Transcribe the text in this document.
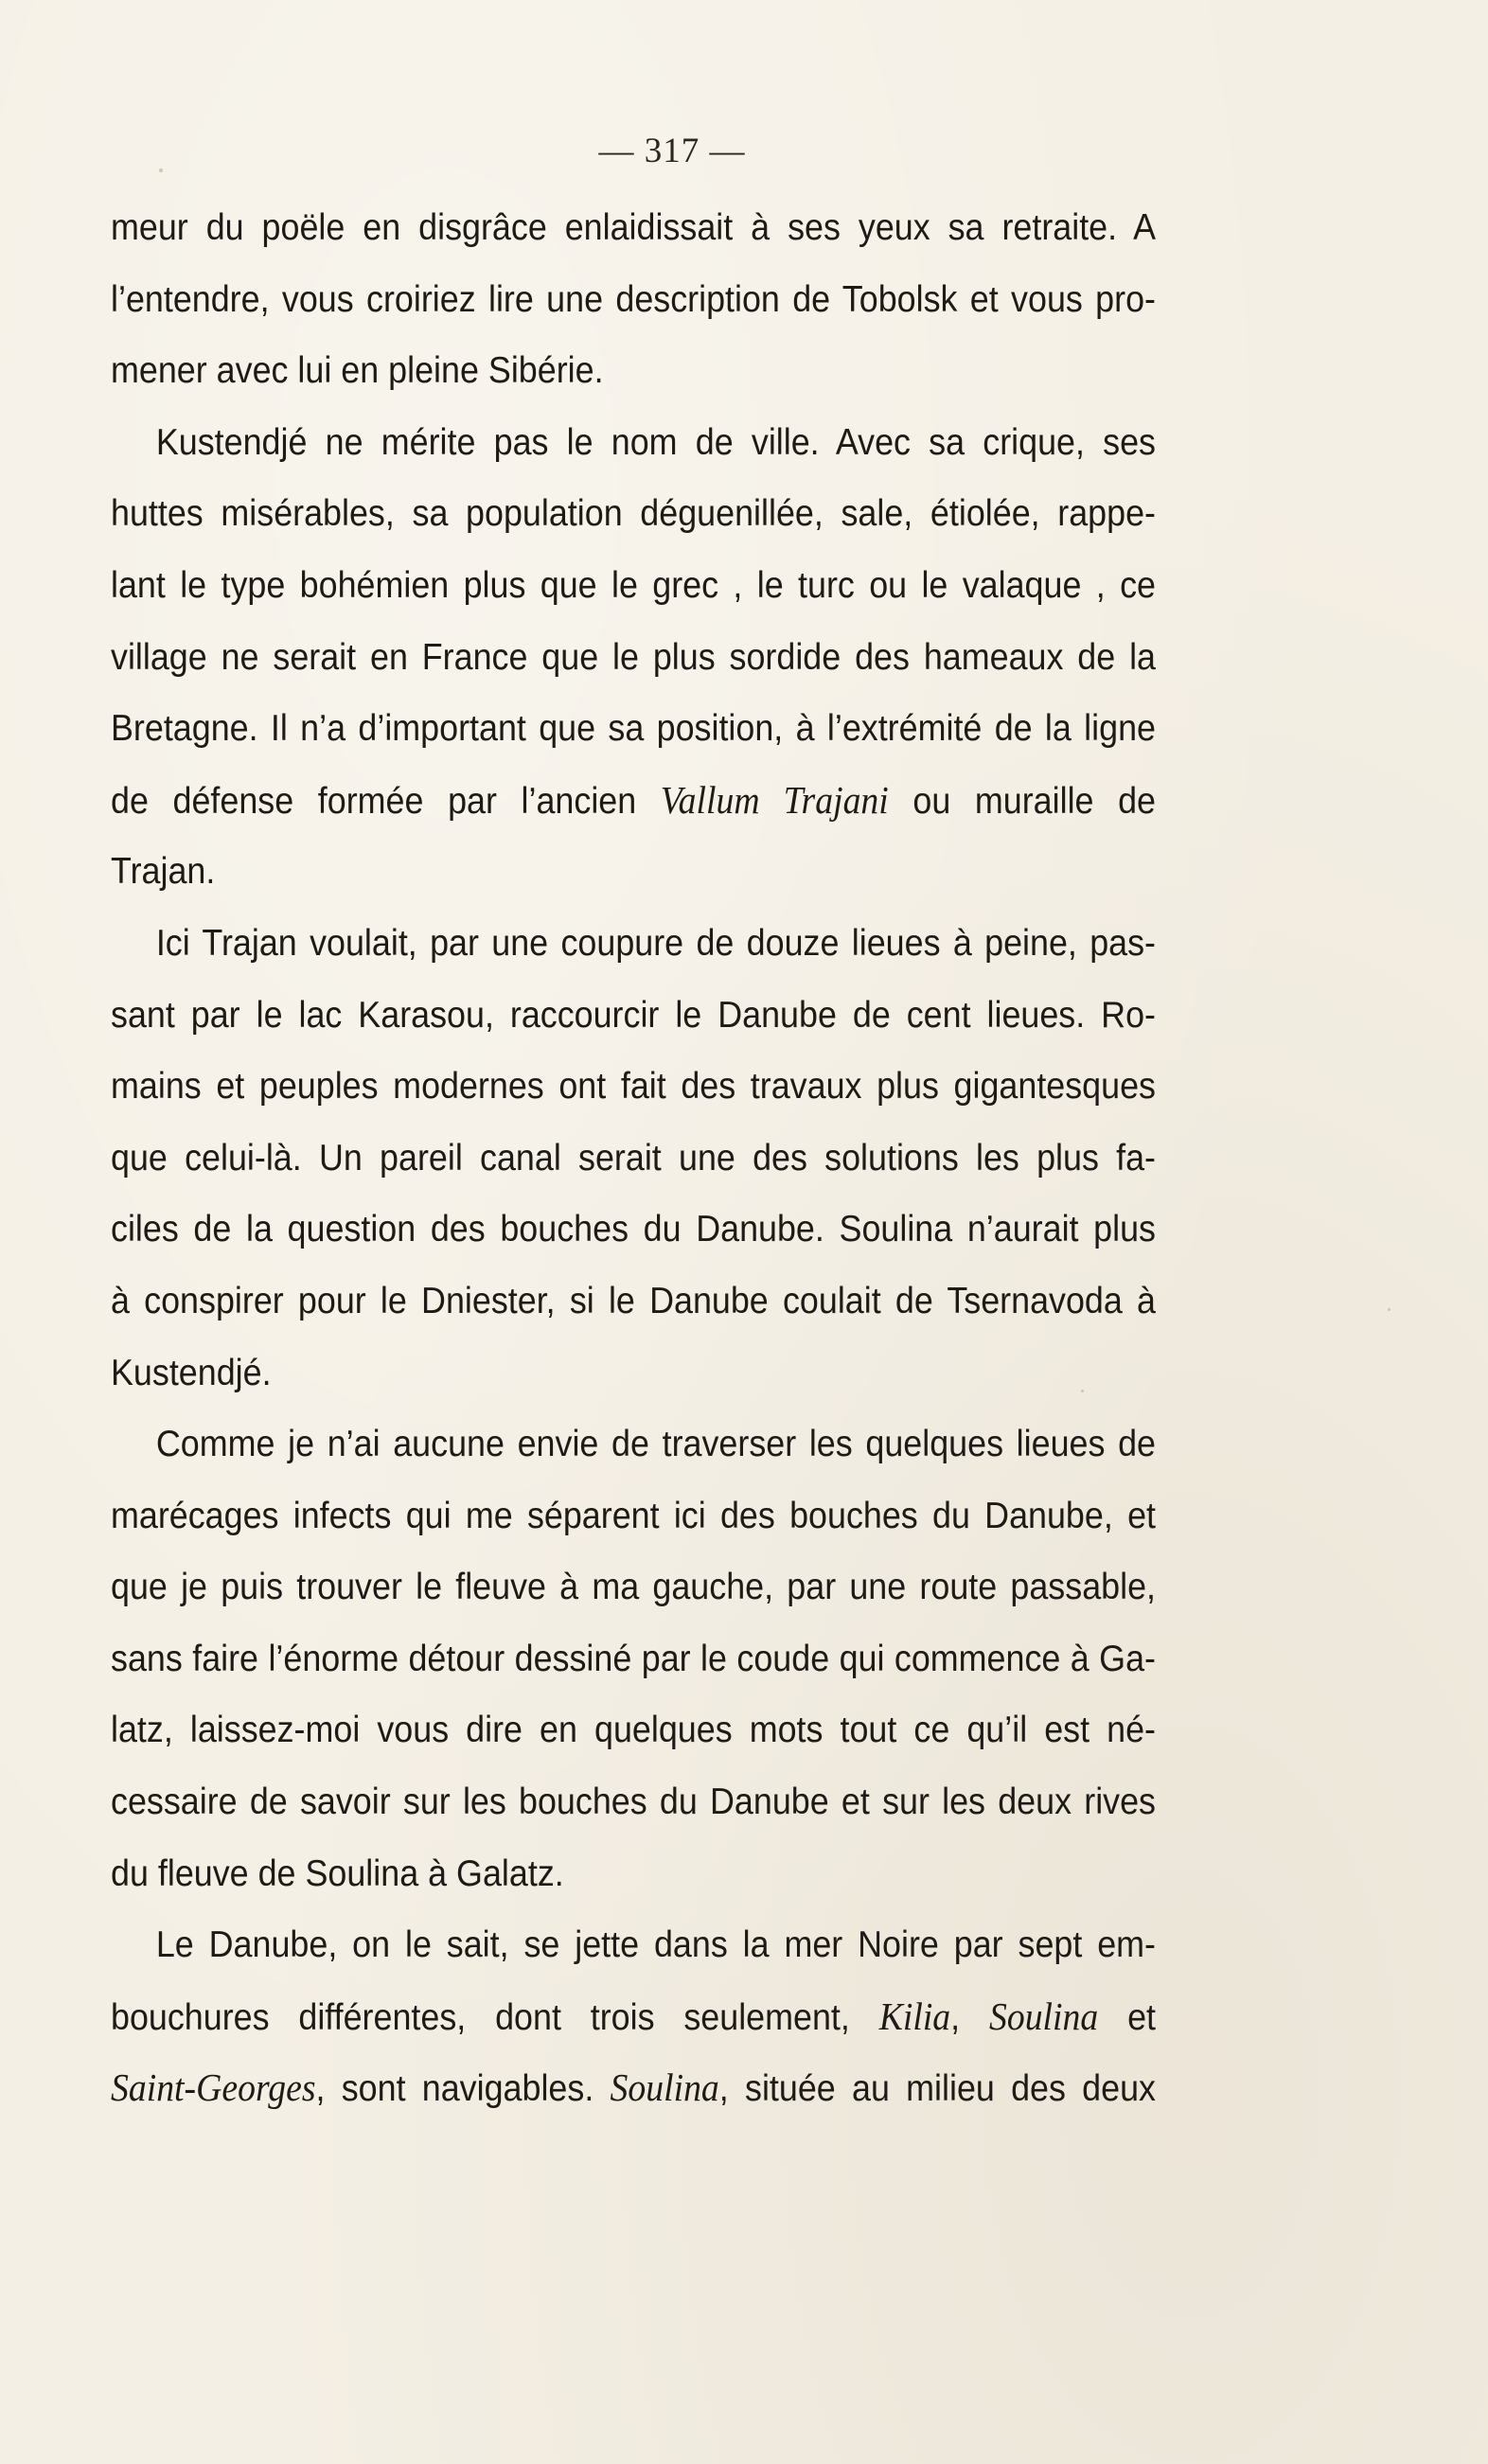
— 317 —
meur du poële en disgrâce enlaidissait à ses yeux sa retraite. A
l’entendre, vous croiriez lire une description de Tobolsk et vous pro-
mener avec lui en pleine Sibérie.
Kustendjé ne mérite pas le nom de ville. Avec sa crique, ses
huttes misérables, sa population déguenillée, sale, étiolée, rappe-
lant le type bohémien plus que le grec , le turc ou le valaque , ce
village ne serait en France que le plus sordide des hameaux de la
Bretagne. Il n’a d’important que sa position, à l’extrémité de la ligne
de défense formée par l’ancien Vallum Trajani ou muraille de
Trajan.
Ici Trajan voulait, par une coupure de douze lieues à peine, pas-
sant par le lac Karasou, raccourcir le Danube de cent lieues. Ro-
mains et peuples modernes ont fait des travaux plus gigantesques
que celui-là. Un pareil canal serait une des solutions les plus fa-
ciles de la question des bouches du Danube. Soulina n’aurait plus
à conspirer pour le Dniester, si le Danube coulait de Tsernavoda à
Kustendjé.
Comme je n’ai aucune envie de traverser les quelques lieues de
marécages infects qui me séparent ici des bouches du Danube, et
que je puis trouver le fleuve à ma gauche, par une route passable,
sans faire l’énorme détour dessiné par le coude qui commence à Ga-
latz, laissez-moi vous dire en quelques mots tout ce qu’il est né-
cessaire de savoir sur les bouches du Danube et sur les deux rives
du fleuve de Soulina à Galatz.
Le Danube, on le sait, se jette dans la mer Noire par sept em-
bouchures différentes, dont trois seulement, Kilia, Soulina et
Saint-Georges, sont navigables. Soulina, située au milieu des deux
